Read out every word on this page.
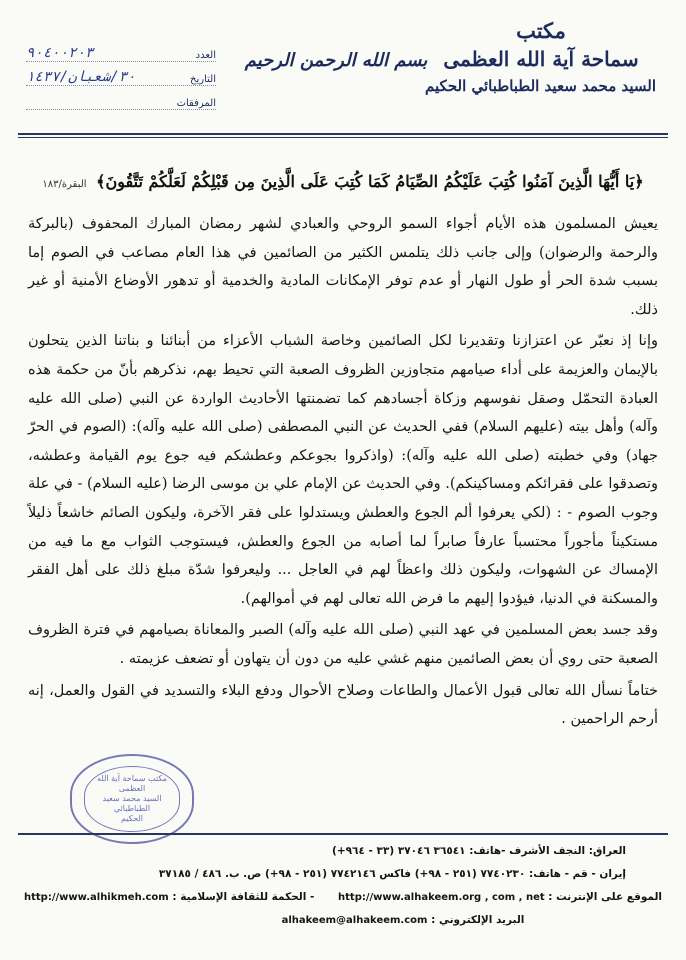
مكتب
سماحة آية الله العظمى
السيد محمد سعيد الطباطبائي الحكيم
بسم الله الرحمن الرحيم
العدد
٩٠٤٠٠٢٠٣
التاريخ
٣٠/شعبان/١٤٣٧
المرفقات
﴿يَا أَيُّهَا الَّذِينَ آمَنُوا كُتِبَ عَلَيْكُمُ الصِّيَامُ كَمَا كُتِبَ عَلَى الَّذِينَ مِن قَبْلِكُمْ لَعَلَّكُمْ تَتَّقُونَ﴾ البقرة/١٨٣

يعيش المسلمون هذه الأيام أجواء السمو الروحي والعبادي لشهر رمضان المبارك المحفوف (بالبركة والرحمة والرضوان) وإلى جانب ذلك يتلمس الكثير من الصائمين في هذا العام مصاعب في الصوم إما بسبب شدة الحر أو طول النهار أو عدم توفر الإمكانات المادية والخدمية أو تدهور الأوضاع الأمنية أو غير ذلك.

وإنا إذ نعبّر عن اعتزازنا وتقديرنا لكل الصائمين وخاصة الشباب الأعزاء من أبنائنا و بناتنا الذين يتحلون بالإيمان والعزيمة على أداء صيامهم متجاوزين الظروف الصعبة التي تحيط بهم، نذكرهم بأنّ من حكمة هذه العبادة التحمّل وصقل نفوسهم وزكاة أجسادهم كما تضمنتها الأحاديث الواردة عن النبي (صلى الله عليه وآله) وأهل بيته (عليهم السلام) ففي الحديث عن النبي المصطفى (صلى الله عليه وآله): (الصوم في الحرّ جهاد) وفي خطبته (صلى الله عليه وآله): (واذكروا بجوعكم وعطشكم فيه جوع يوم القيامة وعطشه، وتصدقوا على فقرائكم ومساكينكم). وفي الحديث عن الإمام علي بن موسى الرضا (عليه السلام) - في علة وجوب الصوم - : (لكي يعرفوا ألم الجوع والعطش ويستدلوا على فقر الآخرة، وليكون الصائم خاشعاً ذليلاً مستكيناً مأجوراً محتسباً عارفاً صابراً لما أصابه من الجوع والعطش، فيستوجب الثواب مع ما فيه من الإمساك عن الشهوات، وليكون ذلك واعظاً لهم في العاجل ... وليعرفوا شدّة مبلغ ذلك على أهل الفقر والمسكنة في الدنيا، فيؤدوا إليهم ما فرض الله تعالى لهم في أموالهم).

وقد جسد بعض المسلمين في عهد النبي (صلى الله عليه وآله) الصبر والمعاناة بصيامهم في فترة الظروف الصعبة حتى روي أن بعض الصائمين منهم غشي عليه من دون أن يتهاون أو تضعف عزيمته .

ختاماً نسأل الله تعالى قبول الأعمال والطاعات وصلاح الأحوال ودفع البلاء والتسديد في القول والعمل، إنه أرحم الراحمين .

مكتب سماحة آية الله العظمى
السيد محمد سعيد الطباطبائي
الحكيم
العراق: النجف الأشرف -هاتف: ٣٦٥٤١ ٣٧٠٤٦ (٣٣ - ٩٦٤+)
إيران - قم - هاتف: ٧٧٤٠٢٣٠ (٢٥١ - ٩٨+) فاكس ٧٧٤٢١٤٦ (٢٥١ - ٩٨+) ص. ب. ٤٨٦ / ٣٧١٨٥
الموقع على الإنترنت : http://www.alhakeem.org , com , net
- الحكمة للثقافة الإسلامية : http://www.alhikmeh.com
البريد الإلكتروني : alhakeem@alhakeem.com
